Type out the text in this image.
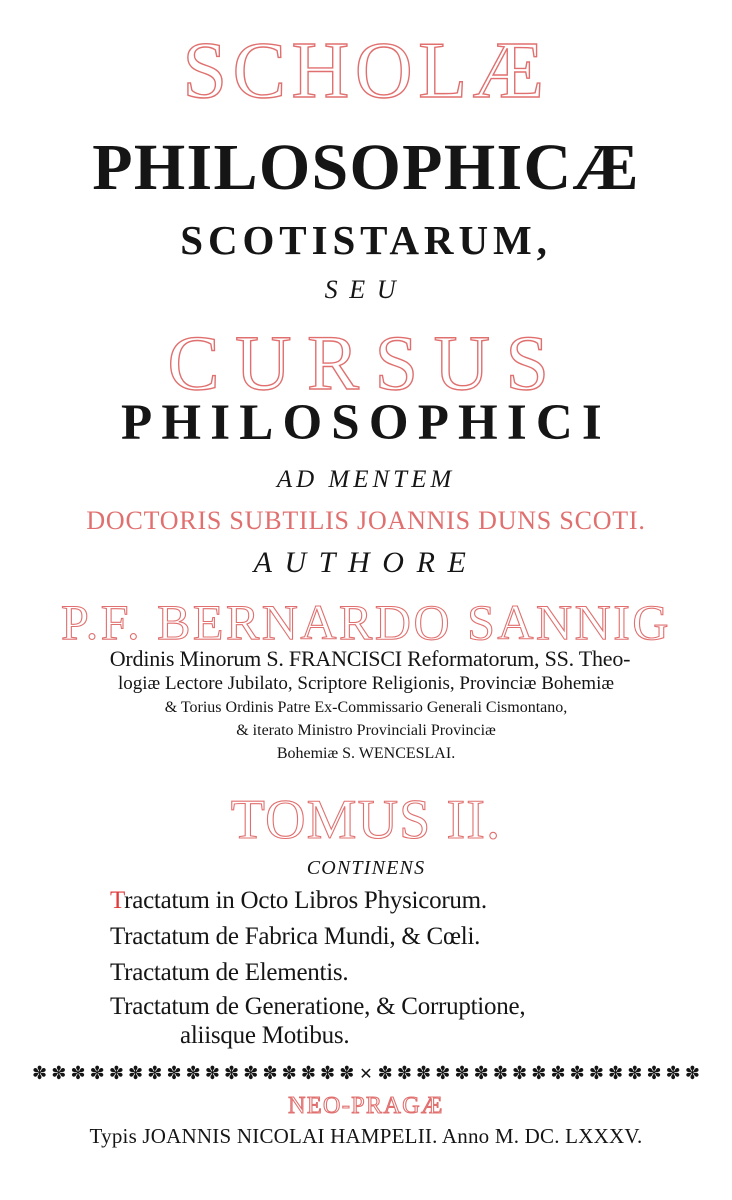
SCHOLÆ
PHILOSOPHICÆ
SCOTISTARUM,
SEU
CURSUS
PHILOSOPHICI
AD MENTEM
DOCTORIS SUBTILIS JOANNIS DUNS SCOTI.
AUTHORE
P.F. BERNARDO SANNIG
Ordinis Minorum S. FRANCISCI Reformatorum, SS. Theo-
logiæ Lectore Jubilato, Scriptore Religionis, Provinciæ Bohemiæ
& Torius Ordinis Patre Ex-Commissario Generali Cismontano,
& iterato Ministro Provinciali Provinciæ
Bohemiæ S. WENCESLAI.
TOMUS II.
CONTINENS
Tractatum in Octo Libros Physicorum.
Tractatum de Fabrica Mundi, & Cœli.
Tractatum de Elementis.
Tractatum de Generatione, & Corruptione,
aliisque Motibus.
✽ ✽ ✽ ✽ ✽ ✽ ✽ ✽ ✽ ✽ ✽ ✽ ✽ ✽ ✽ ✽ ✽ ✽ ✽ ✽ ✽ ✽ ✽ ✽ ✽ ✽ ✽ ✽ ✽ ✽ ✽ ✽ ✽ ✽
✕
NEO-PRAGÆ
Typis JOANNIS NICOLAI HAMPELII. Anno M. DC. LXXXV.
